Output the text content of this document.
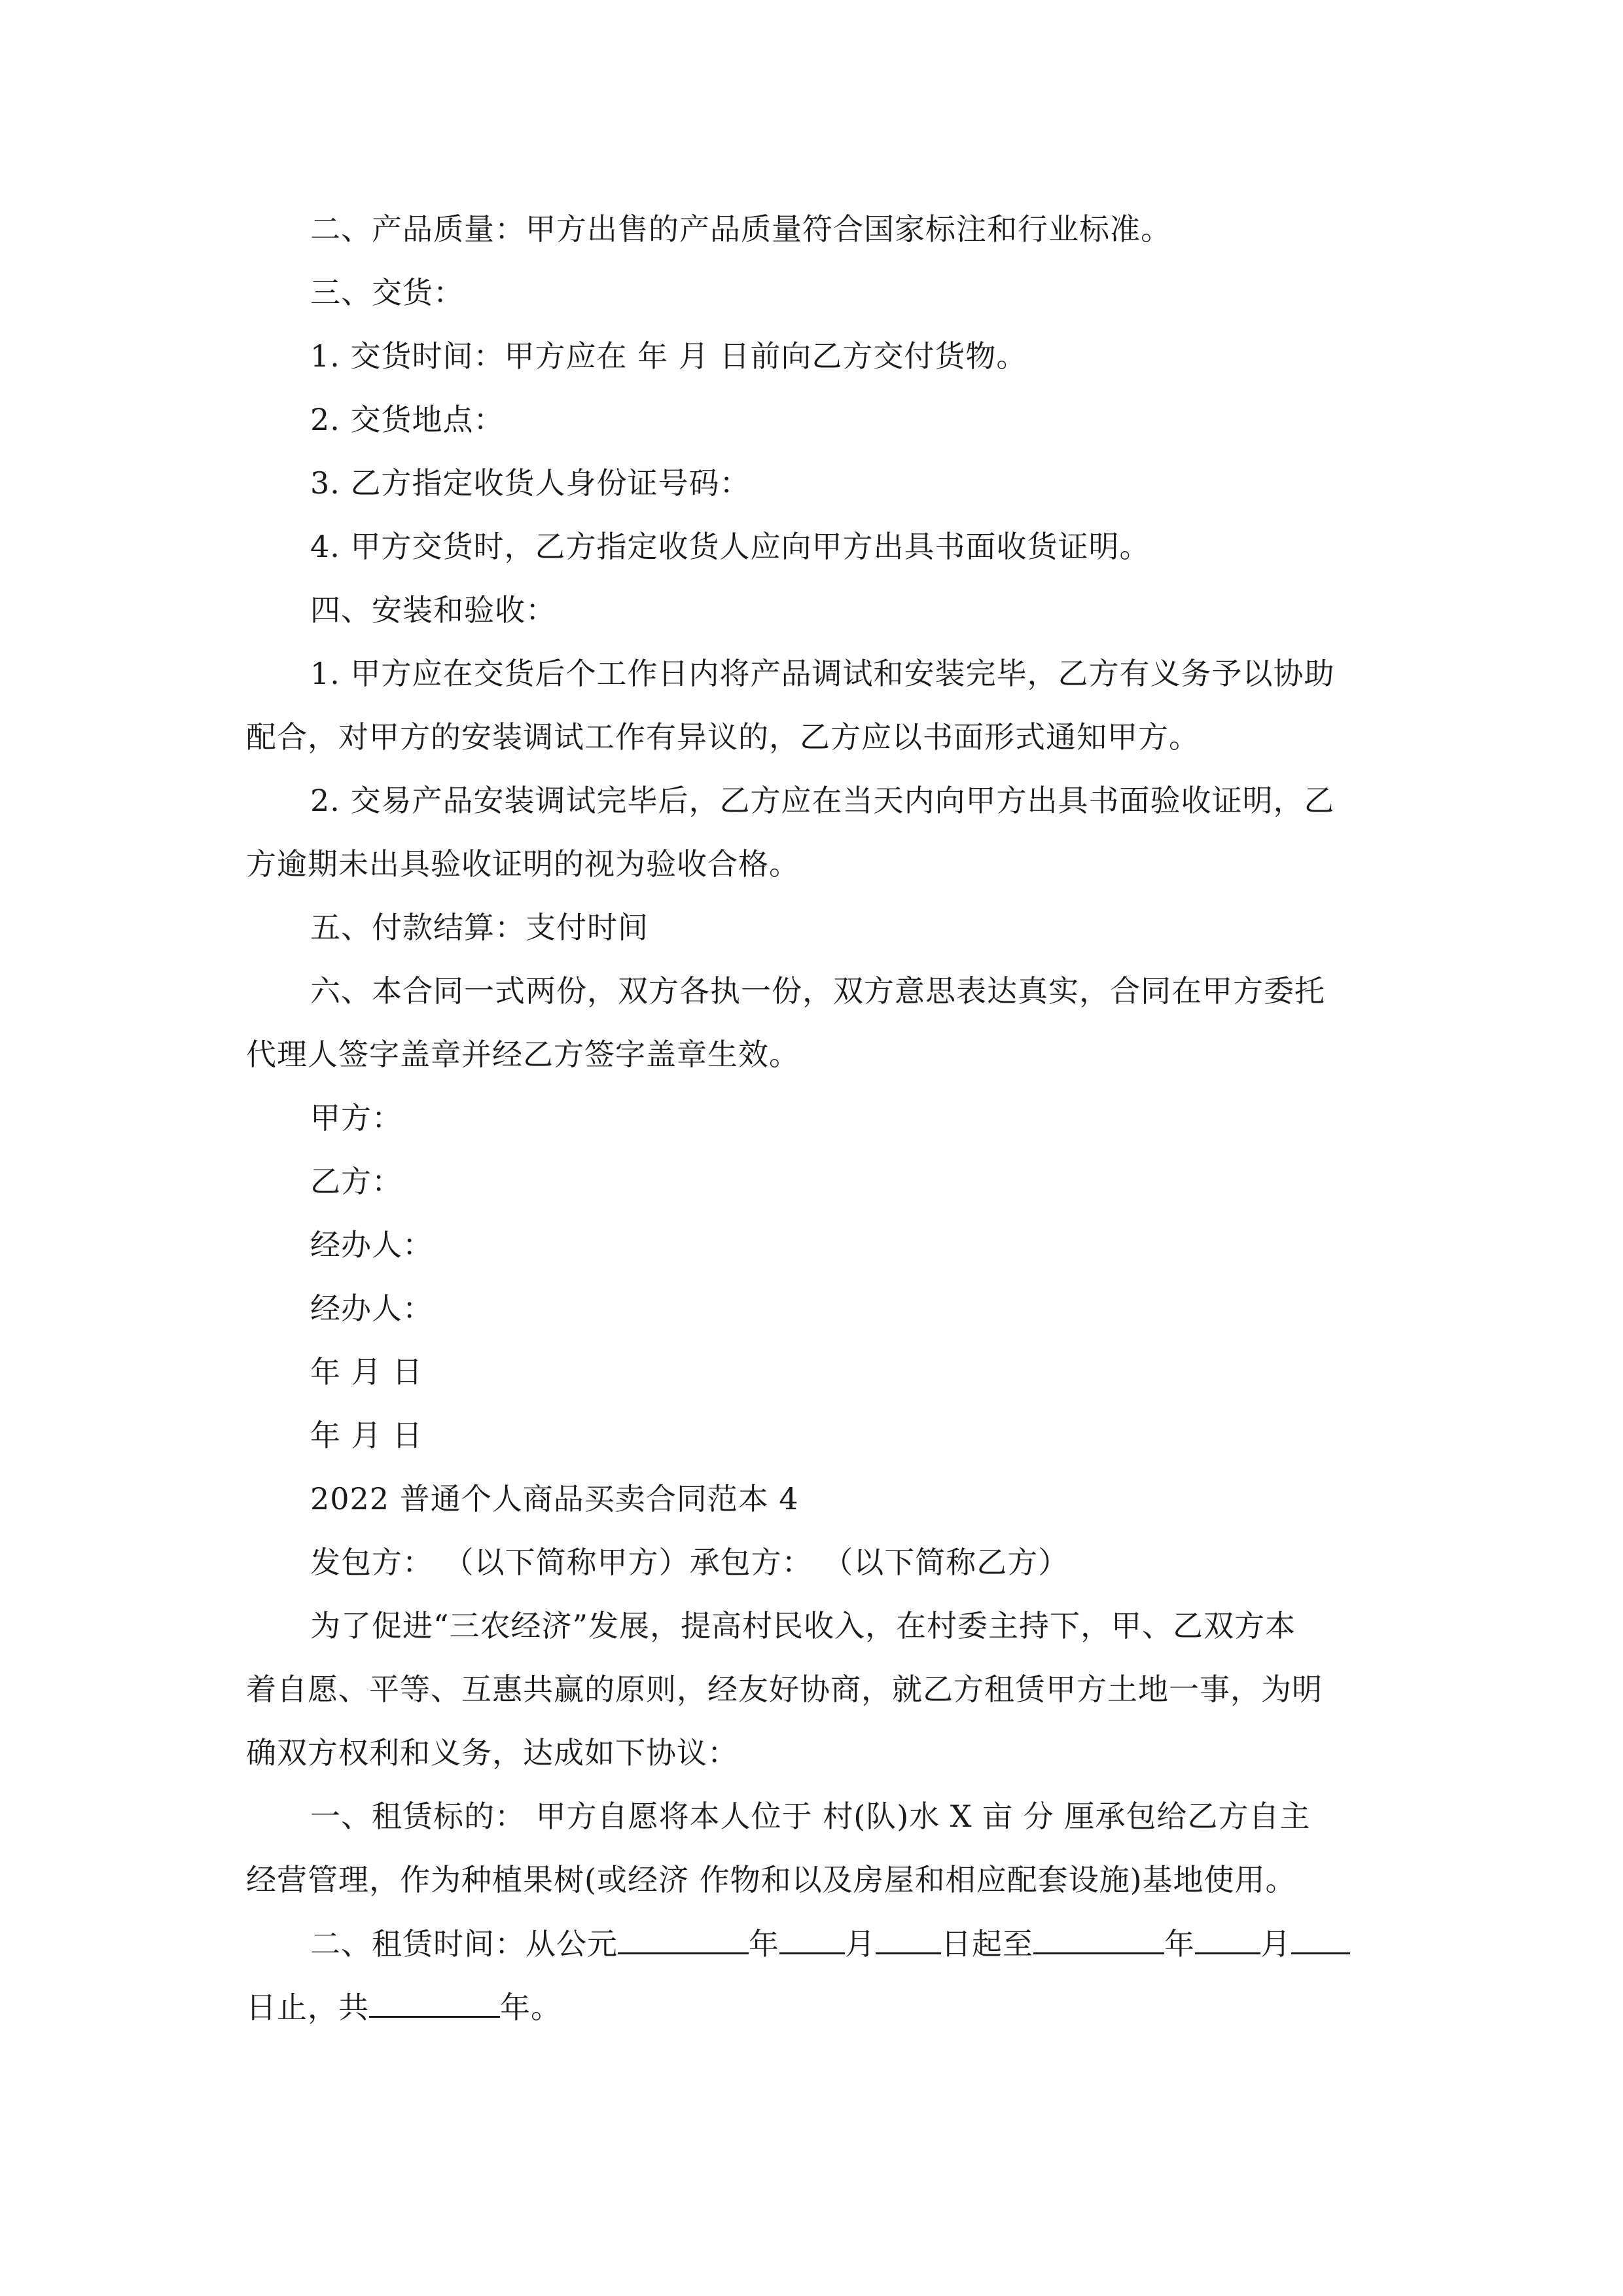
二、产品质量：甲方出售的产品质量符合国家标注和行业标准。
三、交货：
1. 交货时间：甲方应在 年 月 日前向乙方交付货物。
2. 交货地点：
3. 乙方指定收货人身份证号码：
4. 甲方交货时，乙方指定收货人应向甲方出具书面收货证明。
四、安装和验收：
1. 甲方应在交货后个工作日内将产品调试和安装完毕，乙方有义务予以协助
配合，对甲方的安装调试工作有异议的，乙方应以书面形式通知甲方。
2. 交易产品安装调试完毕后，乙方应在当天内向甲方出具书面验收证明，乙
方逾期未出具验收证明的视为验收合格。
五、付款结算：支付时间
六、本合同一式两份，双方各执一份，双方意思表达真实，合同在甲方委托
代理人签字盖章并经乙方签字盖章生效。
甲方：
乙方：
经办人：
经办人：
年 月 日
年 月 日
2022 普通个人商品买卖合同范本 4
发包方： （以下简称甲方）承包方： （以下简称乙方）
为了促进“三农经济”发展，提高村民收入，在村委主持下，甲、乙双方本
着自愿、平等、互惠共赢的原则，经友好协商，就乙方租赁甲方土地一事，为明
确双方权利和义务，达成如下协议：
一、租赁标的： 甲方自愿将本人位于 村(队)水 X 亩 分 厘承包给乙方自主
经营管理，作为种植果树(或经济 作物和以及房屋和相应配套设施)基地使用。
二、租赁时间：从公元	年 月 日起至	年 月
日止，共	年。
